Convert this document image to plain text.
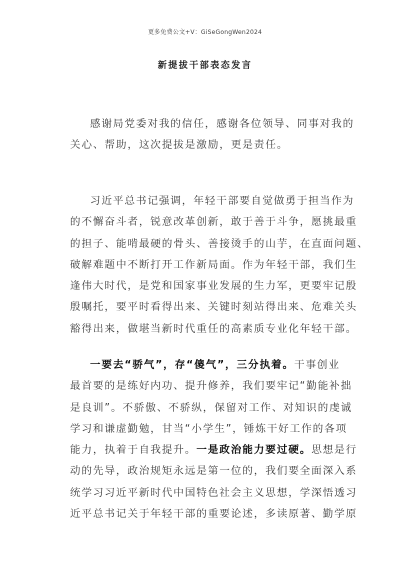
更多免费公文+V：GiSeGongWen2024
新提拔干部表态发言
感谢局党委对我的信任，感谢各位领导、同事对我的
关心、帮助，这次提拔是激励，更是责任。
习近平总书记强调，年轻干部要自觉做勇于担当作为
的不懈奋斗者，锐意改革创新，敢于善于斗争，愿挑最重
的担子、能啃最硬的骨头、善接烫手的山芋，在直面问题、
破解难题中不断打开工作新局面。作为年轻干部，我们生
逢伟大时代，是党和国家事业发展的生力军，更要牢记殷
殷嘱托，要平时看得出来、关键时刻站得出来、危难关头
豁得出来，做堪当新时代重任的高素质专业化年轻干部。
一要去“骄气”，存“傻气”，三分执着。干事创业
最首要的是练好内功、提升修养，我们要牢记“勤能补拙
是良训”。不骄傲、不骄纵，保留对工作、对知识的虔诚
学习和谦虚勤勉，甘当“小学生”，锤炼干好工作的各项
能力，执着于自我提升。一是政治能力要过硬。思想是行
动的先导，政治规矩永远是第一位的，我们要全面深入系
统学习习近平新时代中国特色社会主义思想，学深悟透习
近平总书记关于年轻干部的重要论述，多读原著、勤学原
